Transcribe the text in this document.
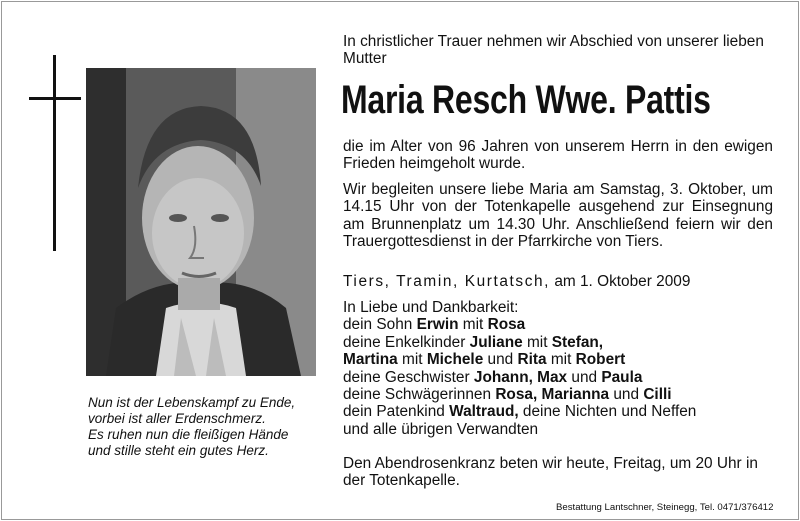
Nun ist der Lebenskampf zu Ende,
vorbei ist aller Erdenschmerz.
Es ruhen nun die fleißigen Hände
und stille steht ein gutes Herz.
In christlicher Trauer nehmen wir Abschied von unserer lieben Mutter
Maria Resch Wwe. Pattis
die im Alter von 96 Jahren von unserem Herrn in den ewigen Frieden heimgeholt wurde.
Wir begleiten unsere liebe Maria am Samstag, 3. Oktober, um 14.15 Uhr von der Totenkapelle ausgehend zur Einsegnung am Brunnenplatz um 14.30 Uhr. Anschließend feiern wir den Trauergottesdienst in der Pfarrkirche von Tiers.
Tiers, Tramin, Kurtatsch, am 1. Oktober 2009
In Liebe und Dankbarkeit:
dein Sohn Erwin mit Rosa
deine Enkelkinder Juliane mit Stefan,
Martina mit Michele und Rita mit Robert
deine Geschwister Johann, Max und Paula
deine Schwägerinnen Rosa, Marianna und Cilli
dein Patenkind Waltraud, deine Nichten und Neffen
und alle übrigen Verwandten
Den Abendrosenkranz beten wir heute, Freitag, um 20 Uhr in der Totenkapelle.
Bestattung Lantschner, Steinegg, Tel. 0471/376412
